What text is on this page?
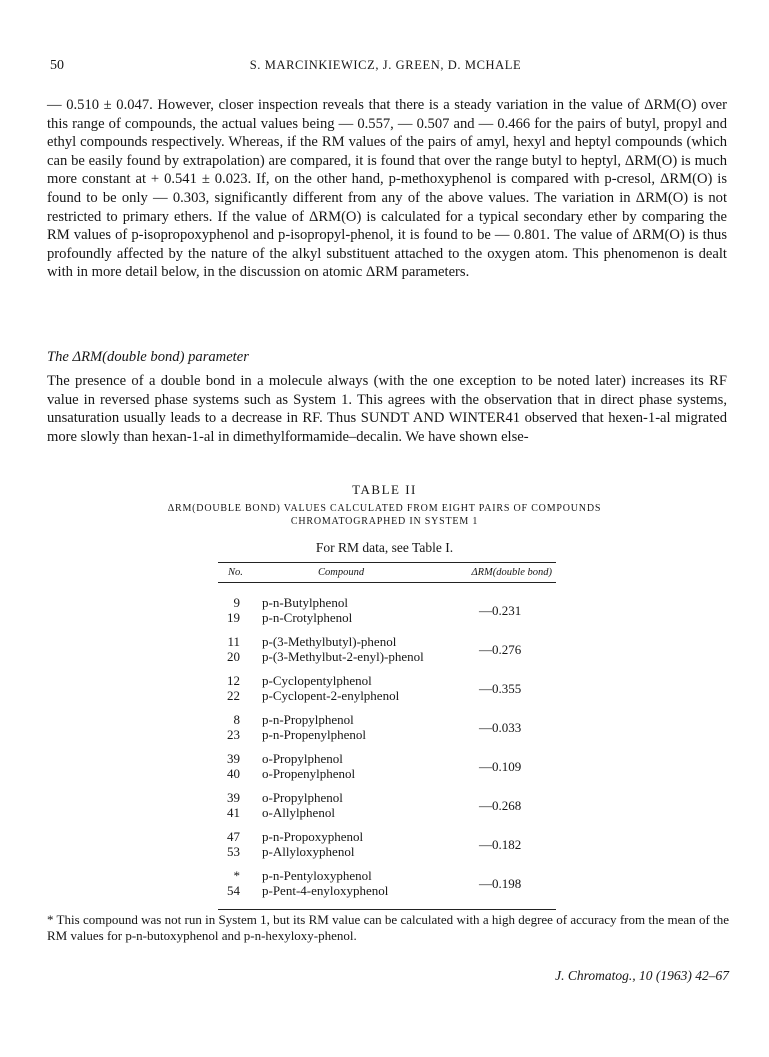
50	S. MARCINKIEWICZ, J. GREEN, D. MCHALE

— 0.510 ± 0.047. However, closer inspection reveals that there is a steady variation in the value of ΔRM(O) over this range of compounds, the actual values being — 0.557, — 0.507 and — 0.466 for the pairs of butyl, propyl and ethyl compounds respectively. Whereas, if the RM values of the pairs of amyl, hexyl and heptyl compounds (which can be easily found by extrapolation) are compared, it is found that over the range butyl to heptyl, ΔRM(O) is much more constant at + 0.541 ± 0.023. If, on the other hand, p-methoxyphenol is compared with p-cresol, ΔRM(O) is found to be only — 0.303, significantly different from any of the above values. The variation in ΔRM(O) is not restricted to primary ethers. If the value of ΔRM(O) is calculated for a typical secondary ether by comparing the RM values of p-isopropoxyphenol and p-isopropyl-phenol, it is found to be — 0.801. The value of ΔRM(O) is thus profoundly affected by the nature of the alkyl substituent attached to the oxygen atom. This phenomenon is dealt with in more detail below, in the discussion on atomic ΔRM parameters.

The ΔRM(double bond) parameter

The presence of a double bond in a molecule always (with the one exception to be noted later) increases its RF value in reversed phase systems such as System 1. This agrees with the observation that in direct phase systems, unsaturation usually leads to a decrease in RF. Thus SUNDT AND WINTER41 observed that hexen-1-al migrated more slowly than hexan-1-al in dimethylformamide–decalin. We have shown else-

TABLE II
ΔRM(DOUBLE BOND) VALUES CALCULATED FROM EIGHT PAIRS OF COMPOUNDS CHROMATOGRAPHED IN SYSTEM 1
For RM data, see Table I.
No.	Compound	ΔRM(double bond)
9 p-n-Butylphenol
19 p-n-Crotylphenol	—0.231
11 p-(3-Methylbutyl)-phenol
20 p-(3-Methylbut-2-enyl)-phenol	—0.276
12 p-Cyclopentylphenol
22 p-Cyclopent-2-enylphenol	—0.355
8 p-n-Propylphenol
23 p-n-Propenylphenol	—0.033
39 o-Propylphenol
40 o-Propenylphenol	—0.109
39 o-Propylphenol
41 o-Allylphenol	—0.268
47 p-n-Propoxyphenol
53 p-Allyloxyphenol	—0.182
* p-n-Pentyloxyphenol
54 p-Pent-4-enyloxyphenol	—0.198

* This compound was not run in System 1, but its RM value can be calculated with a high degree of accuracy from the mean of the RM values for p-n-butoxyphenol and p-n-hexyloxy-phenol.

J. Chromatog., 10 (1963) 42–67
